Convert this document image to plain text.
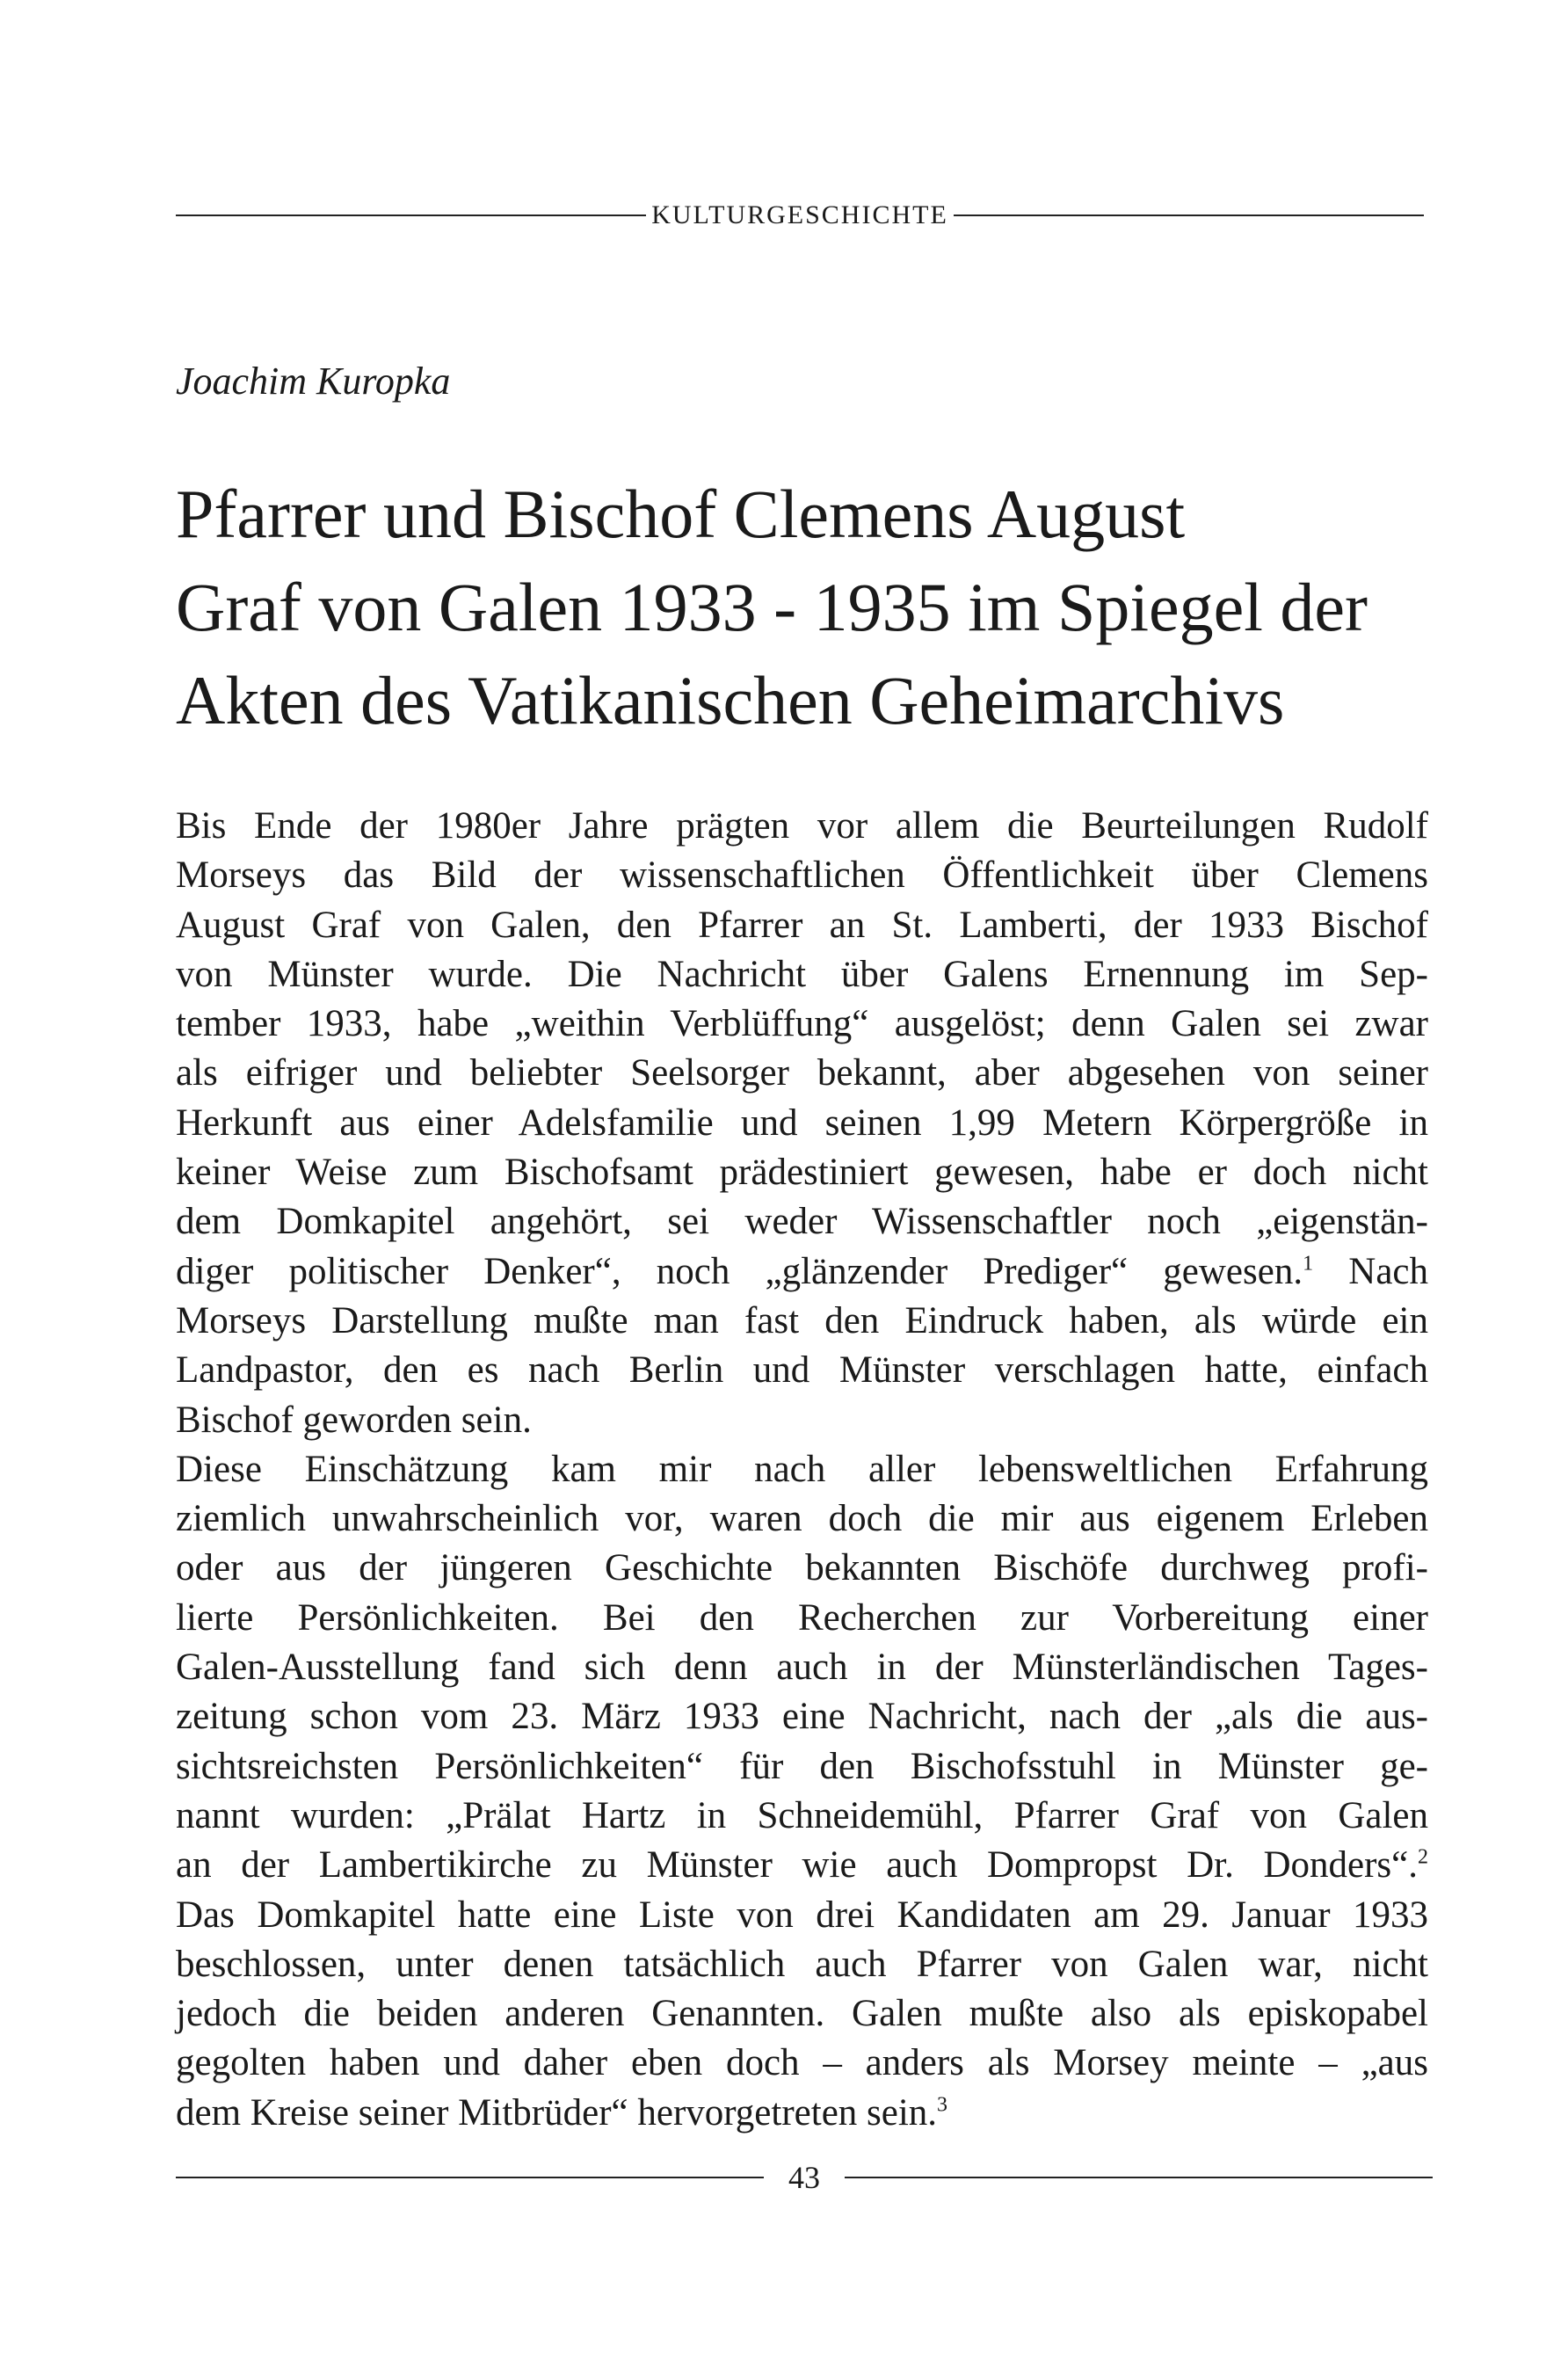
KULTURGESCHICHTE

Joachim Kuropka

Pfarrer und Bischof Clemens August
Graf von Galen 1933 - 1935 im Spiegel der
Akten des Vatikanischen Geheimarchivs
Bis Ende der 1980er Jahre prägten vor allem die Beurteilungen Rudolf
Morseys das Bild der wissenschaftlichen Öffentlichkeit über Clemens
August Graf von Galen, den Pfarrer an St. Lamberti, der 1933 Bischof
von Münster wurde. Die Nachricht über Galens Ernennung im Sep-
tember 1933, habe „weithin Verblüffung“ ausgelöst; denn Galen sei zwar
als eifriger und beliebter Seelsorger bekannt, aber abgesehen von seiner
Herkunft aus einer Adelsfamilie und seinen 1,99 Metern Körpergröße in
keiner Weise zum Bischofsamt prädestiniert gewesen, habe er doch nicht
dem Domkapitel angehört, sei weder Wissenschaftler noch „eigenstän-
diger politischer Denker“, noch „glänzender Prediger“ gewesen.$^1$ Nach
Morseys Darstellung mußte man fast den Eindruck haben, als würde ein
Landpastor, den es nach Berlin und Münster verschlagen hatte, einfach
Bischof geworden sein.
Diese Einschätzung kam mir nach aller lebensweltlichen Erfahrung
ziemlich unwahrscheinlich vor, waren doch die mir aus eigenem Erleben
oder aus der jüngeren Geschichte bekannten Bischöfe durchweg profi-
lierte Persönlichkeiten. Bei den Recherchen zur Vorbereitung einer
Galen-Ausstellung fand sich denn auch in der Münsterländischen Tages-
zeitung schon vom 23. März 1933 eine Nachricht, nach der „als die aus-
sichtsreichsten Persönlichkeiten“ für den Bischofsstuhl in Münster ge-
nannt wurden: „Prälat Hartz in Schneidemühl, Pfarrer Graf von Galen
an der Lambertikirche zu Münster wie auch Dompropst Dr. Donders“.$^2$
Das Domkapitel hatte eine Liste von drei Kandidaten am 29. Januar 1933
beschlossen, unter denen tatsächlich auch Pfarrer von Galen war, nicht
jedoch die beiden anderen Genannten. Galen mußte also als episkopabel
gegolten haben und daher eben doch – anders als Morsey meinte – „aus
dem Kreise seiner Mitbrüder“ hervorgetreten sein.$^3$
43
